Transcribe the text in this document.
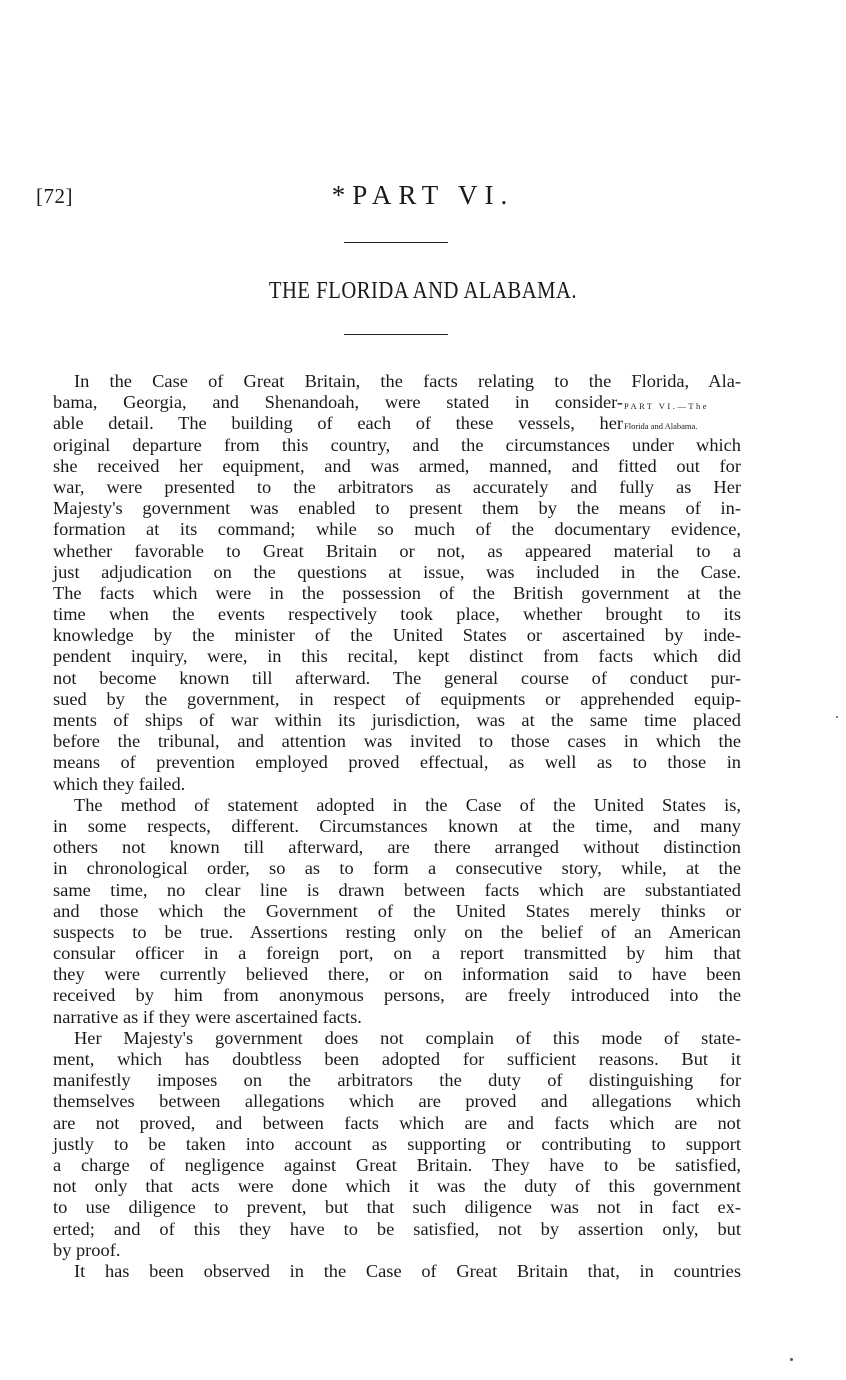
[72]	*PART VI.
THE FLORIDA AND ALABAMA.
PART VI.—The
Florida and Alabama.
In the Case of Great Britain, the facts relating to the Florida, Ala-
bama, Georgia, and Shenandoah, were stated in consider-
able detail. The building of each of these vessels, her
original departure from this country, and the circumstances under which
she received her equipment, and was armed, manned, and fitted out for
war, were presented to the arbitrators as accurately and fully as Her
Majesty's government was enabled to present them by the means of in-
formation at its command; while so much of the documentary evidence,
whether favorable to Great Britain or not, as appeared material to a
just adjudication on the questions at issue, was included in the Case.
The facts which were in the possession of the British government at the
time when the events respectively took place, whether brought to its
knowledge by the minister of the United States or ascertained by inde-
pendent inquiry, were, in this recital, kept distinct from facts which did
not become known till afterward. The general course of conduct pur-
sued by the government, in respect of equipments or apprehended equip-
ments of ships of war within its jurisdiction, was at the same time placed
before the tribunal, and attention was invited to those cases in which the
means of prevention employed proved effectual, as well as to those in
which they failed.
The method of statement adopted in the Case of the United States is,
in some respects, different. Circumstances known at the time, and many
others not known till afterward, are there arranged without distinction
in chronological order, so as to form a consecutive story, while, at the
same time, no clear line is drawn between facts which are substantiated
and those which the Government of the United States merely thinks or
suspects to be true. Assertions resting only on the belief of an American
consular officer in a foreign port, on a report transmitted by him that
they were currently believed there, or on information said to have been
received by him from anonymous persons, are freely introduced into the
narrative as if they were ascertained facts.
Her Majesty's government does not complain of this mode of state-
ment, which has doubtless been adopted for sufficient reasons. But it
manifestly imposes on the arbitrators the duty of distinguishing for
themselves between allegations which are proved and allegations which
are not proved, and between facts which are and facts which are not
justly to be taken into account as supporting or contributing to support
a charge of negligence against Great Britain. They have to be satisfied,
not only that acts were done which it was the duty of this government
to use diligence to prevent, but that such diligence was not in fact ex-
erted; and of this they have to be satisfied, not by assertion only, but
by proof.
It has been observed in the Case of Great Britain that, in countries
